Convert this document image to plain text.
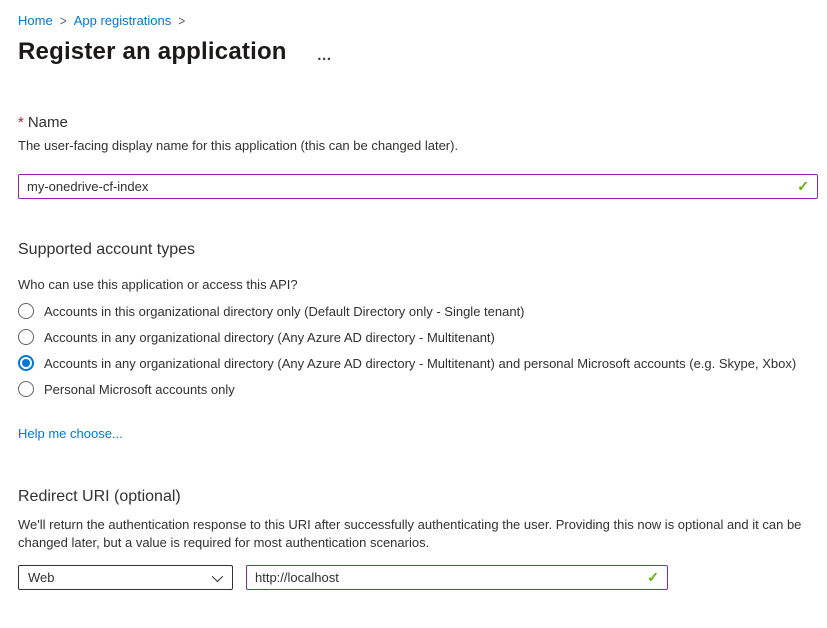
Home > App registrations >
Register an application …
* Name
The user-facing display name for this application (this can be changed later).
my-onedrive-cf-index
✓
Supported account types
Who can use this application or access this API?
Accounts in this organizational directory only (Default Directory only - Single tenant)
Accounts in any organizational directory (Any Azure AD directory - Multitenant)
Accounts in any organizational directory (Any Azure AD directory - Multitenant) and personal Microsoft accounts (e.g. Skype, Xbox)
Personal Microsoft accounts only
Help me choose...
Redirect URI (optional)
We'll return the authentication response to this URI after successfully authenticating the user. Providing this now is optional and it can be changed later, but a value is required for most authentication scenarios.
Web
http://localhost	✓
